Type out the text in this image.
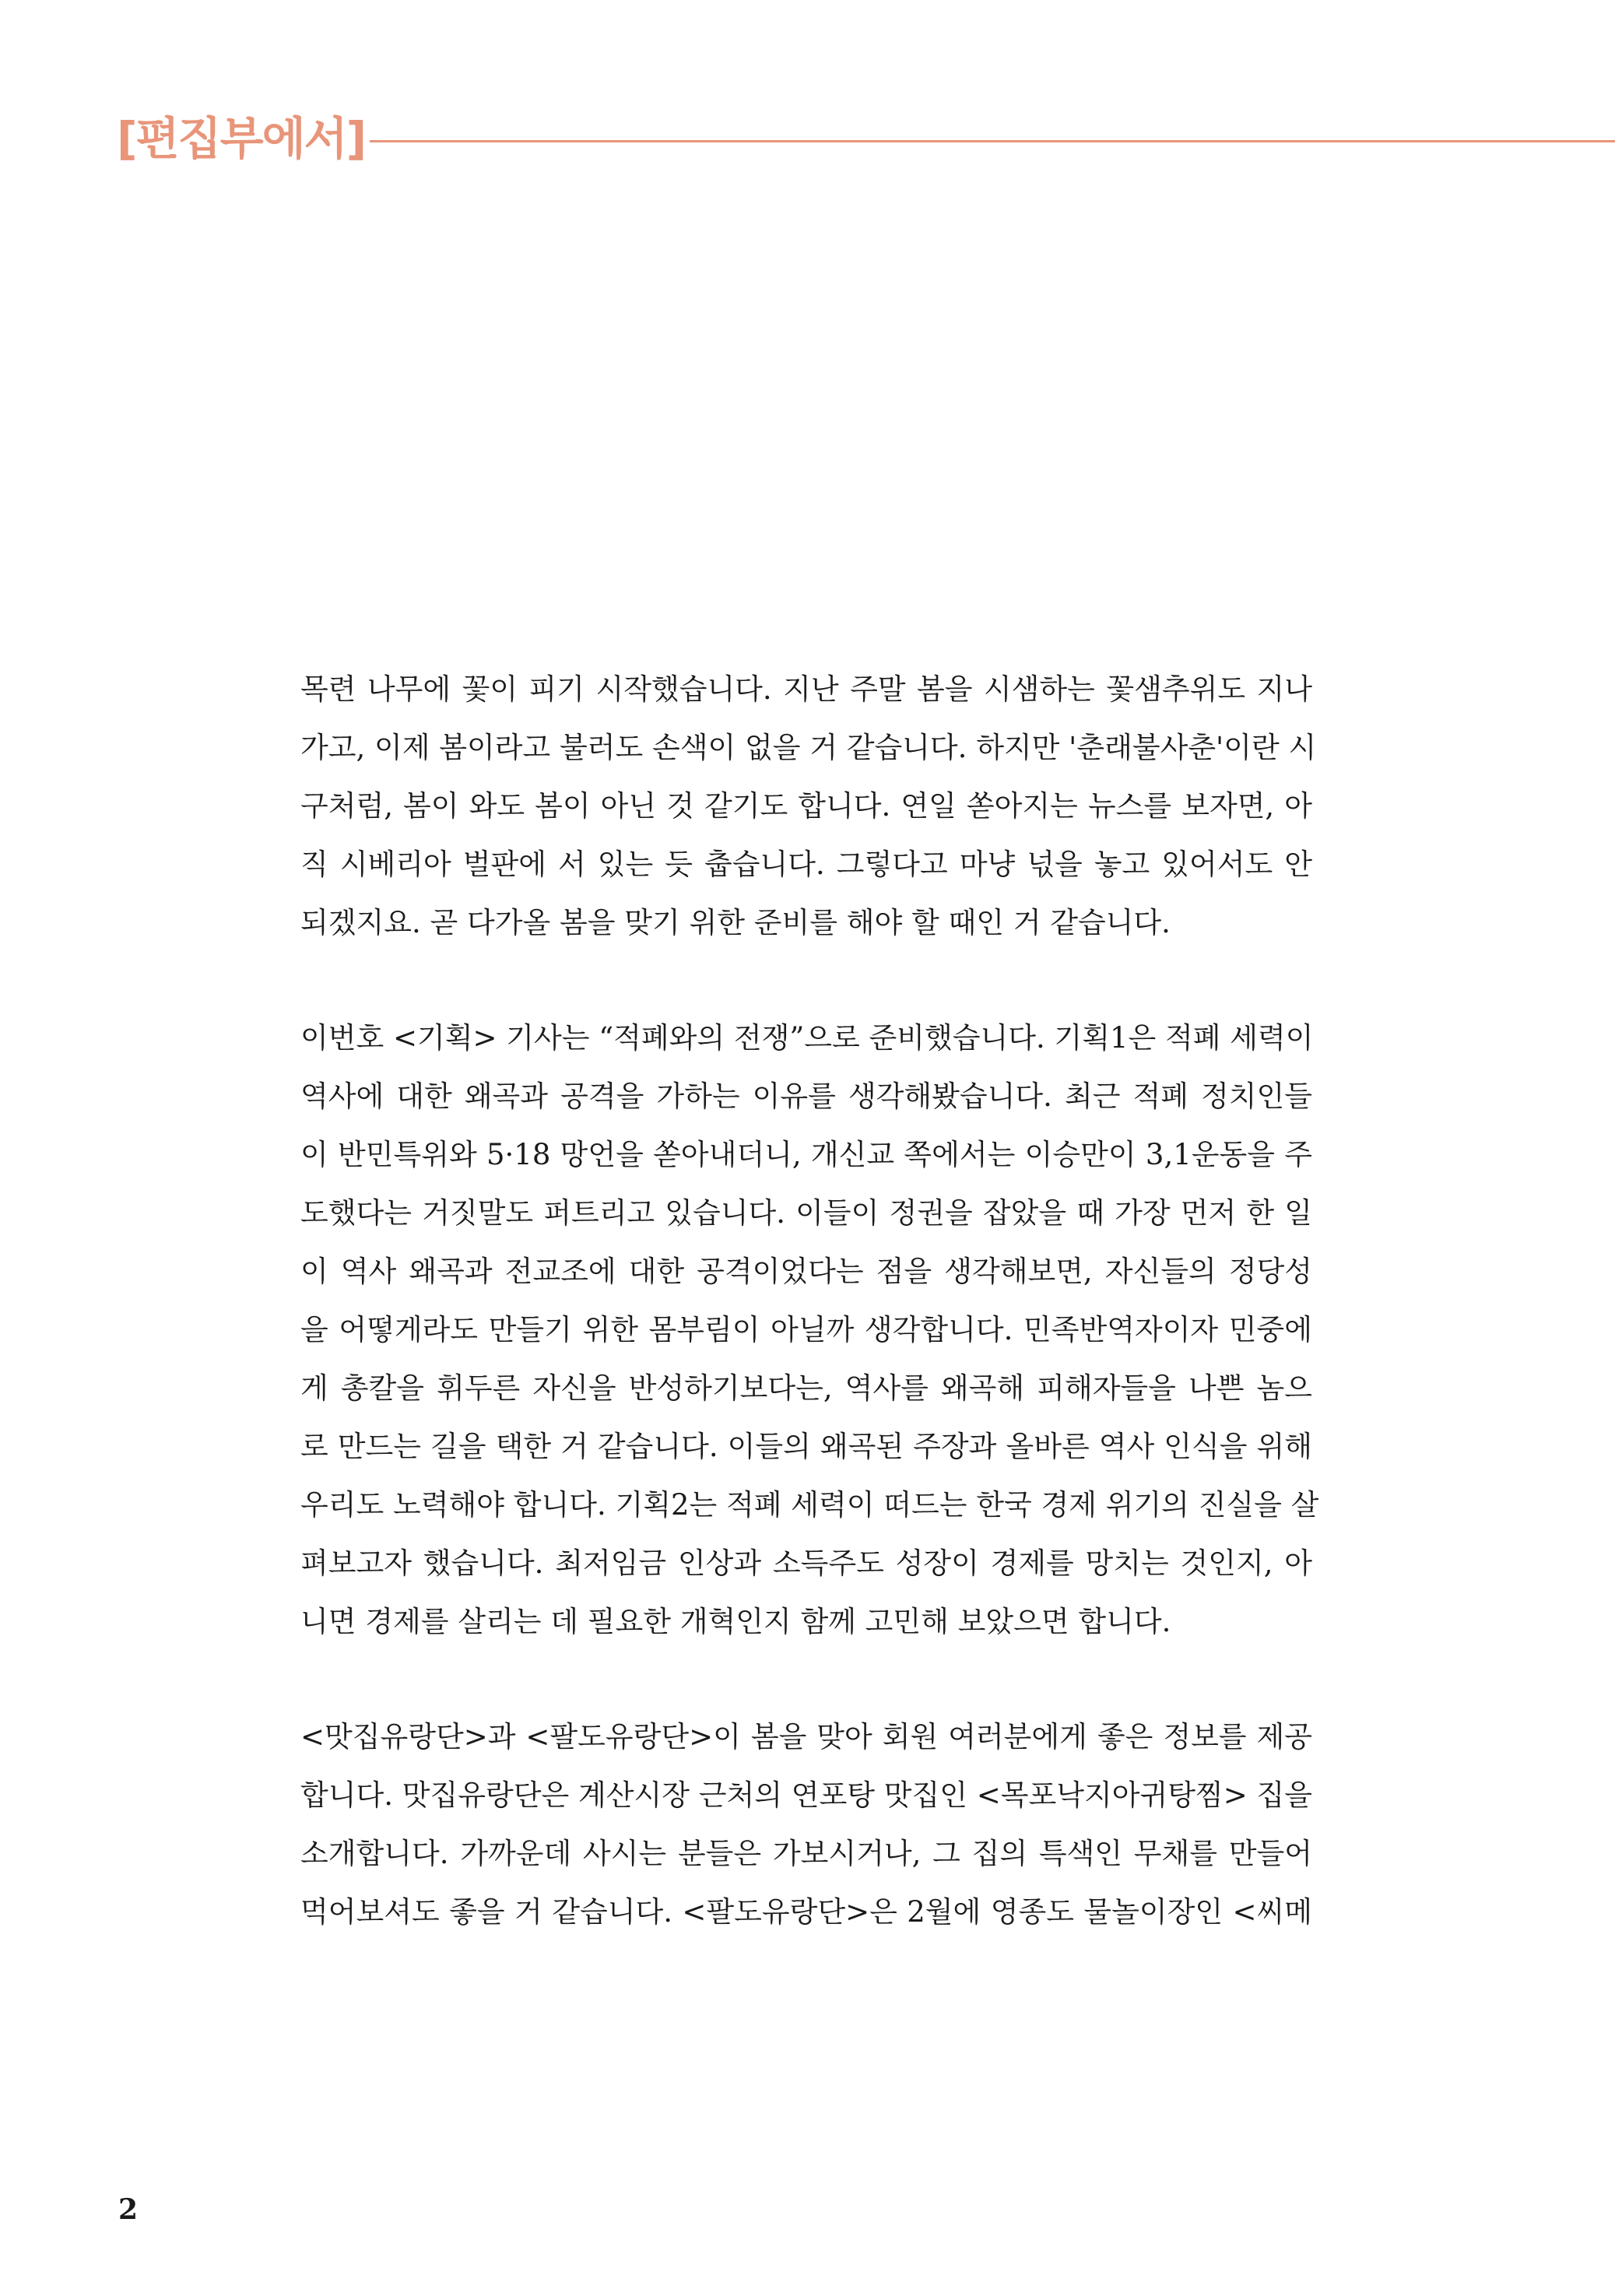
[편집부에서]
목련 나무에 꽃이 피기 시작했습니다. 지난 주말 봄을 시샘하는 꽃샘추위도 지나
가고, 이제 봄이라고 불러도 손색이 없을 거 같습니다. 하지만 '춘래불사춘'이란 시
구처럼, 봄이 와도 봄이 아닌 것 같기도 합니다. 연일 쏟아지는 뉴스를 보자면, 아
직 시베리아 벌판에 서 있는 듯 춥습니다. 그렇다고 마냥 넋을 놓고 있어서도 안
되겠지요. 곧 다가올 봄을 맞기 위한 준비를 해야 할 때인 거 같습니다.
이번호 <기획> 기사는 “적폐와의 전쟁”으로 준비했습니다. 기획1은 적폐 세력이
역사에 대한 왜곡과 공격을 가하는 이유를 생각해봤습니다. 최근 적폐 정치인들
이 반민특위와 5·18 망언을 쏟아내더니, 개신교 쪽에서는 이승만이 3,1운동을 주
도했다는 거짓말도 퍼트리고 있습니다. 이들이 정권을 잡았을 때 가장 먼저 한 일
이 역사 왜곡과 전교조에 대한 공격이었다는 점을 생각해보면, 자신들의 정당성
을 어떻게라도 만들기 위한 몸부림이 아닐까 생각합니다. 민족반역자이자 민중에
게 총칼을 휘두른 자신을 반성하기보다는, 역사를 왜곡해 피해자들을 나쁜 놈으
로 만드는 길을 택한 거 같습니다. 이들의 왜곡된 주장과 올바른 역사 인식을 위해
우리도 노력해야 합니다. 기획2는 적폐 세력이 떠드는 한국 경제 위기의 진실을 살
펴보고자 했습니다. 최저임금 인상과 소득주도 성장이 경제를 망치는 것인지, 아
니면 경제를 살리는 데 필요한 개혁인지 함께 고민해 보았으면 합니다.
<맛집유랑단>과 <팔도유랑단>이 봄을 맞아 회원 여러분에게 좋은 정보를 제공
합니다. 맛집유랑단은 계산시장 근처의 연포탕 맛집인 <목포낙지아귀탕찜> 집을
소개합니다. 가까운데 사시는 분들은 가보시거나, 그 집의 특색인 무채를 만들어
먹어보셔도 좋을 거 같습니다. <팔도유랑단>은 2월에 영종도 물놀이장인 <씨메
2
